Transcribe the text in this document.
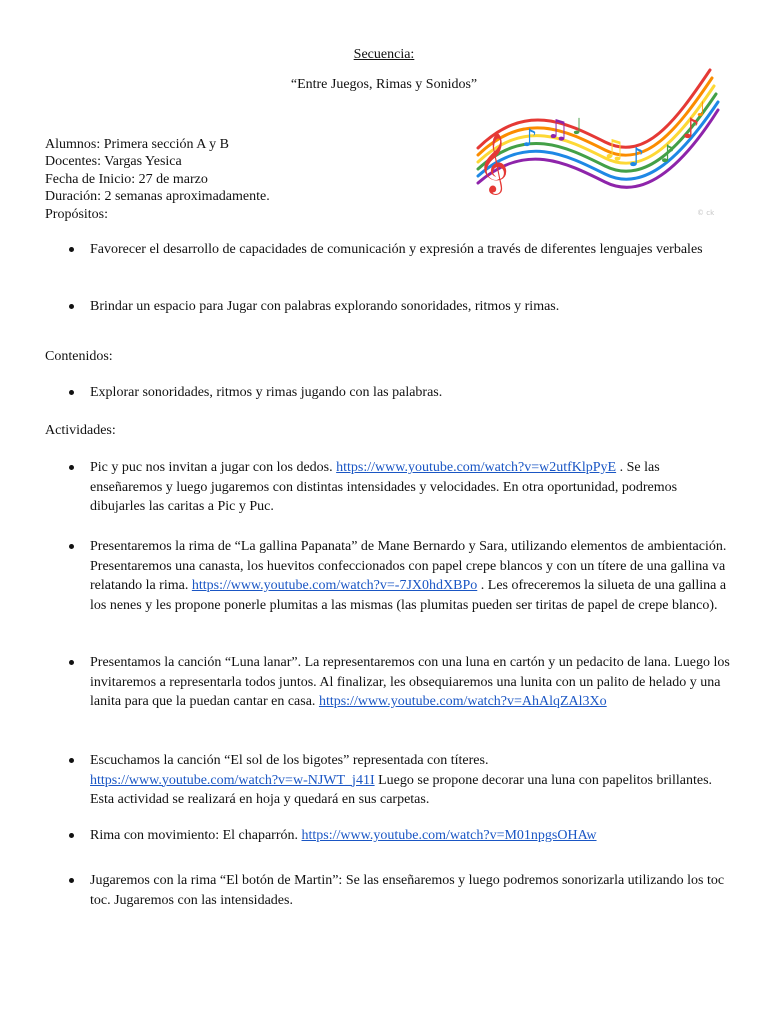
Secuencia:
“Entre Juegos, Rimas y Sonidos”
𝄞 ♪ ♫ ♩
♫ ♪ ♪
♪
♩
© ck
Alumnos: Primera sección A y B
Docentes: Vargas Yesica
Fecha de Inicio: 27 de marzo
Duración: 2 semanas aproximadamente.
Propósitos:
Favorecer el desarrollo de capacidades de comunicación y expresión a través de diferentes lenguajes verbales
Brindar un espacio para Jugar con palabras explorando sonoridades, ritmos y rimas.
Contenidos:
Explorar sonoridades, ritmos y rimas jugando con las palabras.
Actividades:
Pic y puc nos invitan a jugar con los dedos. https://www.youtube.com/watch?v=w2utfKlpPyE . Se las enseñaremos y luego jugaremos con distintas intensidades y velocidades. En otra oportunidad, podremos dibujarles las caritas a Pic y Puc.
Presentaremos la rima de “La gallina Papanata” de Mane Bernardo y Sara, utilizando elementos de ambientación. Presentaremos una canasta, los huevitos confeccionados con papel crepe blancos y con un títere de una gallina va relatando la rima. https://www.youtube.com/watch?v=-7JX0hdXBPo . Les ofreceremos la silueta de una gallina a los nenes y les propone ponerle plumitas a las mismas (las plumitas pueden ser tiritas de papel de crepe blanco).
Presentamos la canción “Luna lanar”. La representaremos con una luna en cartón y un pedacito de lana. Luego los invitaremos a representarla todos juntos. Al finalizar, les obsequiaremos una lunita con un palito de helado y una lanita para que la puedan cantar en casa. https://www.youtube.com/watch?v=AhAlqZAl3Xo
Escuchamos la canción “El sol de los bigotes” representada con títeres.
https://www.youtube.com/watch?v=w-NJWT_j41I Luego se propone decorar una luna con papelitos brillantes. Esta actividad se realizará en hoja y quedará en sus carpetas.
Rima con movimiento: El chaparrón. https://www.youtube.com/watch?v=M01npgsOHAw
Jugaremos con la rima “El botón de Martin”: Se las enseñaremos y luego podremos sonorizarla utilizando los toc toc. Jugaremos con las intensidades.
